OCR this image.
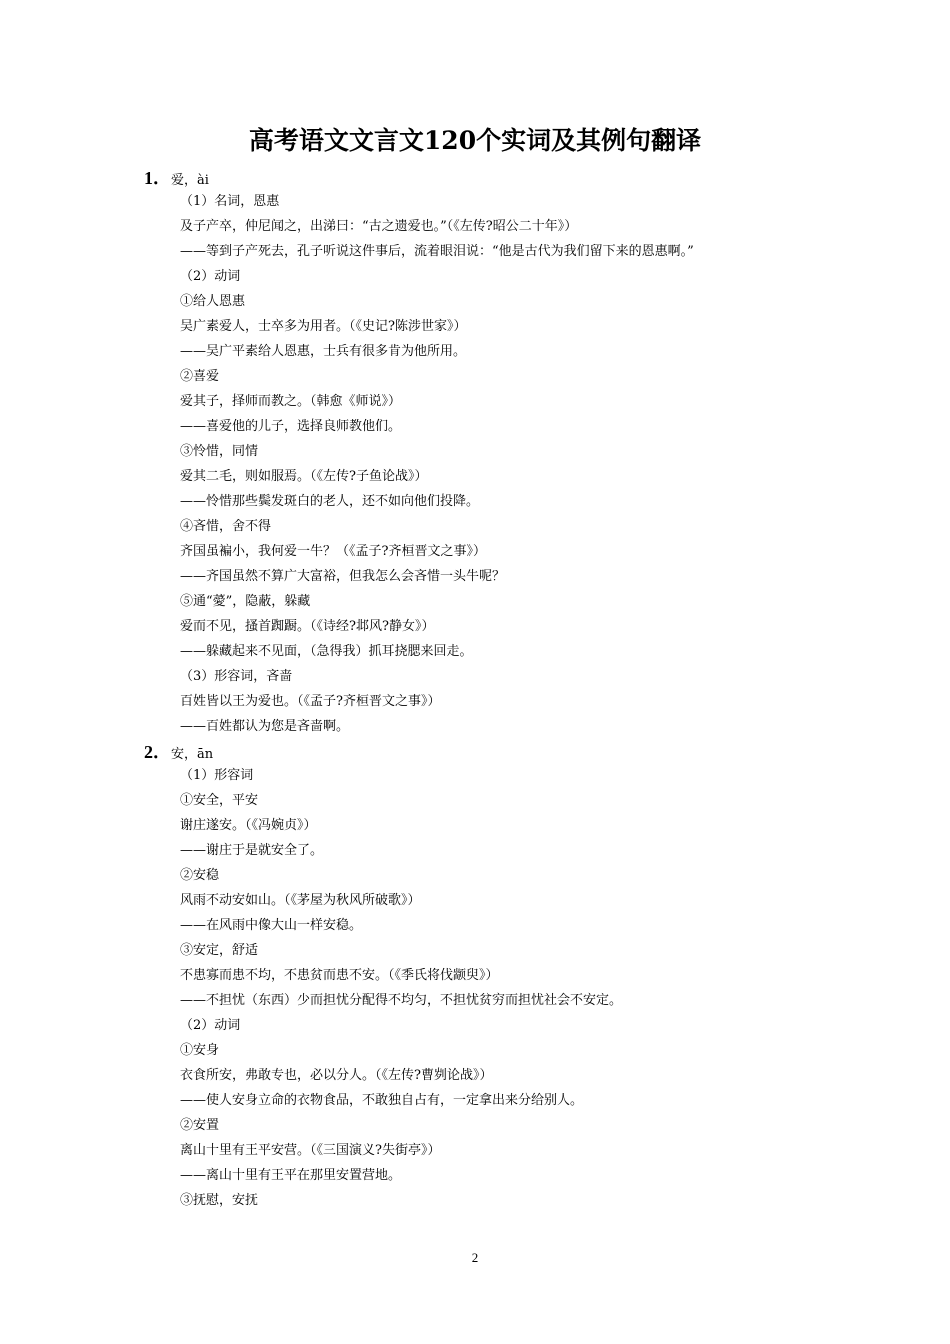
高考语文文言文120个实词及其例句翻译
1．爱，ài
（1）名词，恩惠
及子产卒，仲尼闻之，出涕曰：“古之遗爱也。”（《左传?昭公二十年》）
——等到子产死去，孔子听说这件事后，流着眼泪说：“他是古代为我们留下来的恩惠啊。”
（2）动词
①给人恩惠
吴广素爱人，士卒多为用者。（《史记?陈涉世家》）
——吴广平素给人恩惠，士兵有很多肯为他所用。
②喜爱
爱其子，择师而教之。（韩愈《师说》）
——喜爱他的儿子，选择良师教他们。
③怜惜，同情
爱其二毛，则如服焉。（《左传?子鱼论战》）
——怜惜那些鬓发斑白的老人，还不如向他们投降。
④吝惜，舍不得
齐国虽褊小，我何爱一牛？（《孟子?齐桓晋文之事》）
——齐国虽然不算广大富裕，但我怎么会吝惜一头牛呢？
⑤通“薆”，隐蔽，躲藏
爱而不见，搔首踟蹰。（《诗经?邶风?静女》）
——躲藏起来不见面，（急得我）抓耳挠腮来回走。
（3）形容词，吝啬
百姓皆以王为爱也。（《孟子?齐桓晋文之事》）
——百姓都认为您是吝啬啊。
2．安，ān
（1）形容词
①安全，平安
谢庄遂安。（《冯婉贞》）
——谢庄于是就安全了。
②安稳
风雨不动安如山。（《茅屋为秋风所破歌》）
——在风雨中像大山一样安稳。
③安定，舒适
不患寡而患不均，不患贫而患不安。（《季氏将伐颛臾》）
——不担忧（东西）少而担忧分配得不均匀，不担忧贫穷而担忧社会不安定。
（2）动词
①安身
衣食所安，弗敢专也，必以分人。（《左传?曹刿论战》）
——使人安身立命的衣物食品，不敢独自占有，一定拿出来分给别人。
②安置
离山十里有王平安营。（《三国演义?失街亭》）
——离山十里有王平在那里安置营地。
③抚慰，安抚
2
